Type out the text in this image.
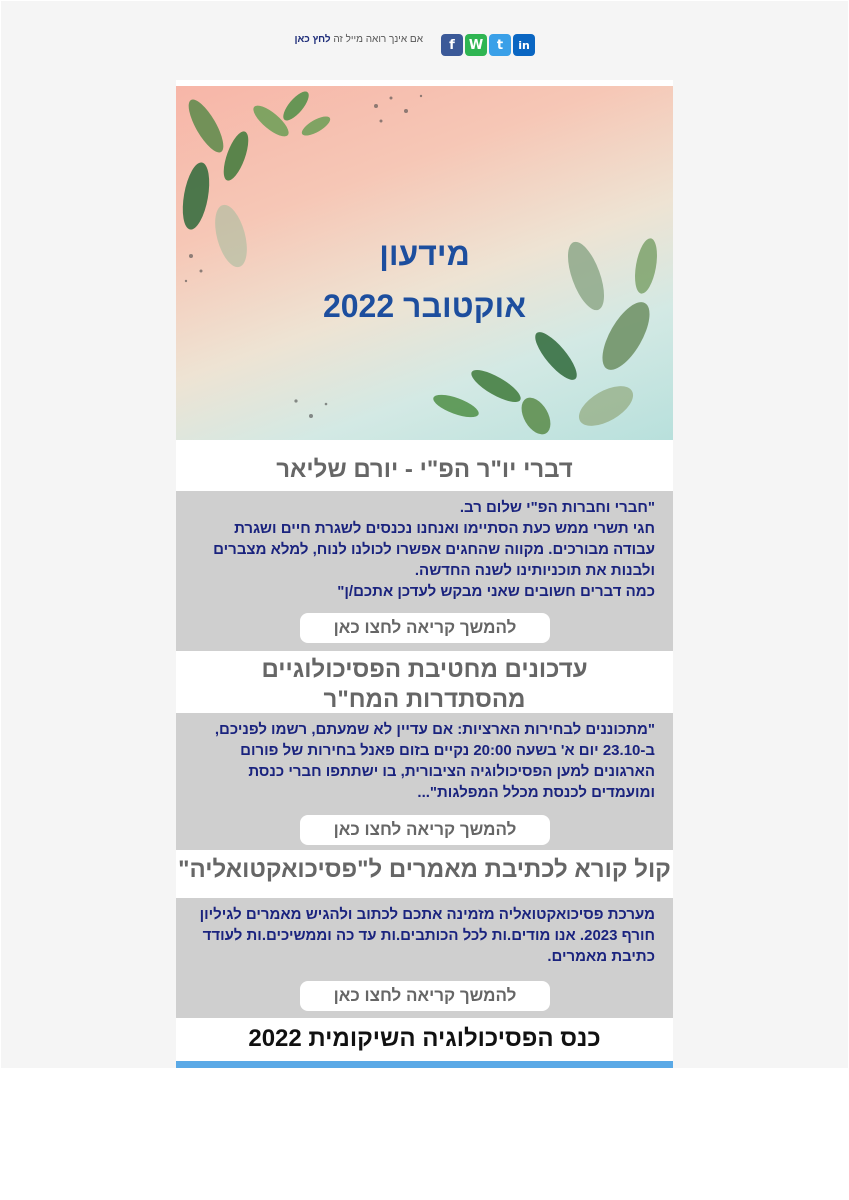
f	W	t	in
אם אינך רואה מייל זה לחץ כאן
מידעון
אוקטובר 2022
דברי יו"ר הפ"י - יורם שליאר
"חברי וחברות הפ"י שלום רב.
חגי תשרי ממש כעת הסתיימו ואנחנו נכנסים לשגרת חיים ושגרת עבודה מבורכים. מקווה שהחגים אפשרו לכולנו לנוח, למלא מצברים ולבנות את תוכניותינו לשנה החדשה.
כמה דברים חשובים שאני מבקש לעדכן אתכם/ן"
להמשך קריאה לחצו כאן
עדכונים מחטיבת הפסיכולוגיים מהסתדרות המח"ר
"מתכוננים לבחירות הארציות: אם עדיין לא שמעתם, רשמו לפניכם, ב-23.10 יום א' בשעה 20:00 נקיים בזום פאנל בחירות של פורום הארגונים למען הפסיכולוגיה הציבורית, בו ישתתפו חברי כנסת ומועמדים לכנסת מכלל המפלגות"...
להמשך קריאה לחצו כאן
קול קורא לכתיבת מאמרים ל"פסיכואקטואליה"
מערכת פסיכואקטואליה מזמינה אתכם לכתוב ולהגיש מאמרים לגיליון חורף 2023. אנו מודים.ות לכל הכותבים.ות עד כה וממשיכים.ות לעודד כתיבת מאמרים.
להמשך קריאה לחצו כאן
כנס הפסיכולוגיה השיקומית 2022
